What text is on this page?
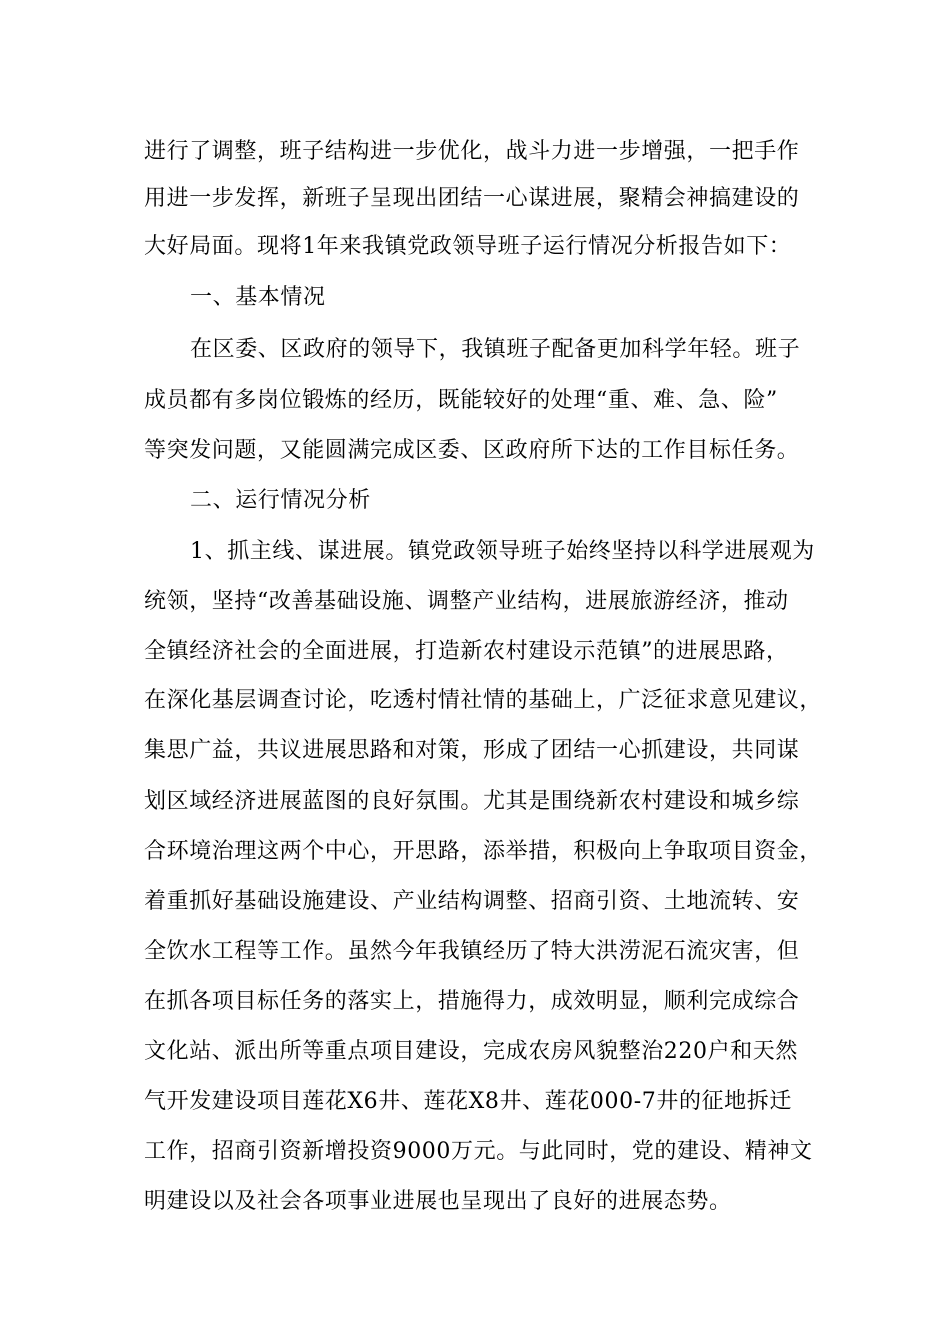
进行了调整，班子结构进一步优化，战斗力进一步增强，一把手作
用进一步发挥，新班子呈现出团结一心谋进展，聚精会神搞建设的
大好局面。现将1年来我镇党政领导班子运行情况分析报告如下：
一、基本情况
在区委、区政府的领导下，我镇班子配备更加科学年轻。班子
成员都有多岗位锻炼的经历，既能较好的处理“重、难、急、险”
等突发问题，又能圆满完成区委、区政府所下达的工作目标任务。
二、运行情况分析
1、抓主线、谋进展。镇党政领导班子始终坚持以科学进展观为
统领，坚持“改善基础设施、调整产业结构，进展旅游经济，推动
全镇经济社会的全面进展，打造新农村建设示范镇”的进展思路，
在深化基层调查讨论，吃透村情社情的基础上，广泛征求意见建议，
集思广益，共议进展思路和对策，形成了团结一心抓建设，共同谋
划区域经济进展蓝图的良好氛围。尤其是围绕新农村建设和城乡综
合环境治理这两个中心，开思路，添举措，积极向上争取项目资金，
着重抓好基础设施建设、产业结构调整、招商引资、土地流转、安
全饮水工程等工作。虽然今年我镇经历了特大洪涝泥石流灾害，但
在抓各项目标任务的落实上，措施得力，成效明显，顺利完成综合
文化站、派出所等重点项目建设，完成农房风貌整治220户和天然
气开发建设项目莲花X6井、莲花X8井、莲花000-7井的征地拆迁
工作，招商引资新增投资9000万元。与此同时，党的建设、精神文
明建设以及社会各项事业进展也呈现出了良好的进展态势。
